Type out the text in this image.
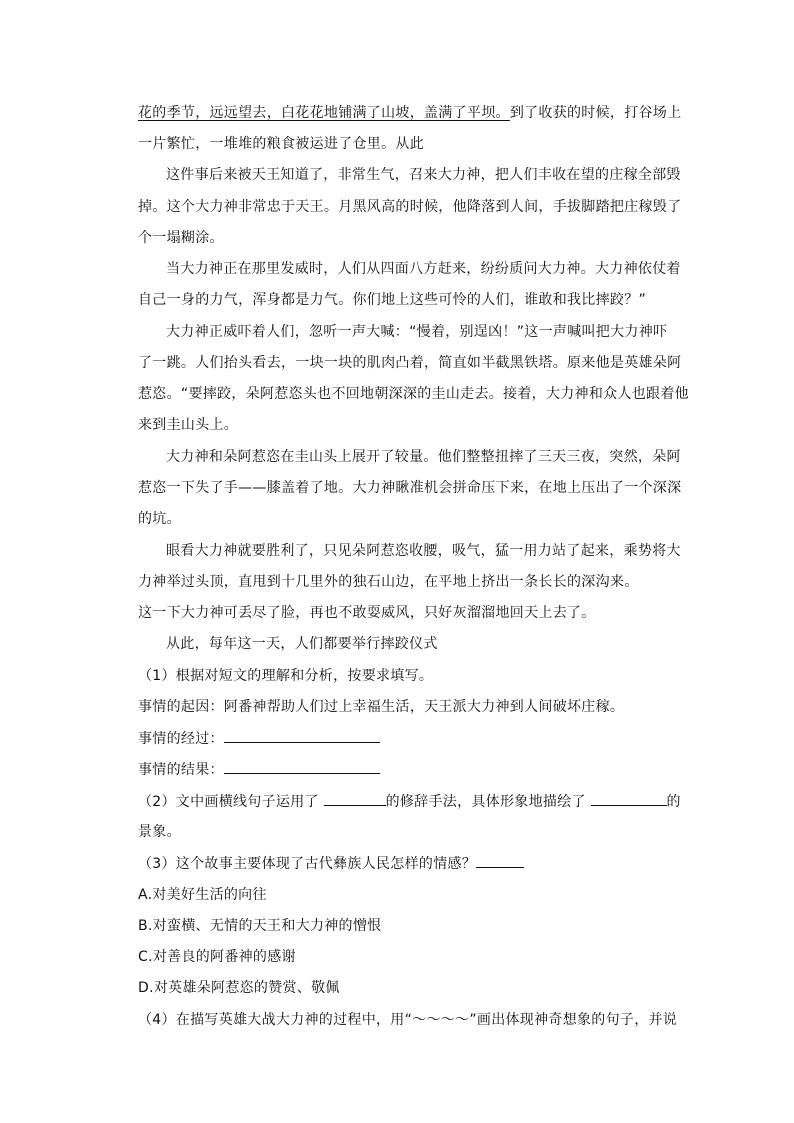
花的季节，远远望去，白花花地铺满了山坡，盖满了平坝。到了收获的时候，打谷场上
一片繁忙，一堆堆的粮食被运进了仓里。从此
这件事后来被天王知道了，非常生气，召来大力神，把人们丰收在望的庄稼全部毁
掉。这个大力神非常忠于天王。月黑风高的时候，他降落到人间，手拔脚踏把庄稼毁了
个一塌糊涂。
当大力神正在那里发威时，人们从四面八方赶来，纷纷质问大力神。大力神依仗着
自己一身的力气，浑身都是力气。你们地上这些可怜的人们，谁敢和我比摔跤？”
大力神正威吓着人们，忽听一声大喊：“慢着，别逞凶！”这一声喊叫把大力神吓
了一跳。人们抬头看去，一块一块的肌肉凸着，简直如半截黑铁塔。原来他是英雄朵阿
惹恣。“要摔跤，朵阿惹恣头也不回地朝深深的圭山走去。接着，大力神和众人也跟着他
来到圭山头上。
大力神和朵阿惹恣在圭山头上展开了较量。他们整整扭摔了三天三夜，突然，朵阿
惹恣一下失了手——膝盖着了地。大力神瞅准机会拼命压下来，在地上压出了一个深深
的坑。
眼看大力神就要胜利了，只见朵阿惹恣收腰，吸气，猛一用力站了起来，乘势将大
力神举过头顶，直甩到十几里外的独石山边，在平地上挤出一条长长的深沟来。
这一下大力神可丢尽了脸，再也不敢耍威风，只好灰溜溜地回天上去了。
从此，每年这一天，人们都要举行摔跤仪式
（1）根据对短文的理解和分析，按要求填写。
事情的起因：阿番神帮助人们过上幸福生活，天王派大力神到人间破坏庄稼。
事情的经过：
事情的结果：
（2）文中画横线句子运用了	的修辞手法，具体形象地描绘了	的
景象。
（3）这个故事主要体现了古代彝族人民怎样的情感？
A.对美好生活的向往
B.对蛮横、无情的天王和大力神的憎恨
C.对善良的阿番神的感谢
D.对英雄朵阿惹恣的赞赏、敬佩
（4）在描写英雄大战大力神的过程中，用“～～～～”画出体现神奇想象的句子，并说
